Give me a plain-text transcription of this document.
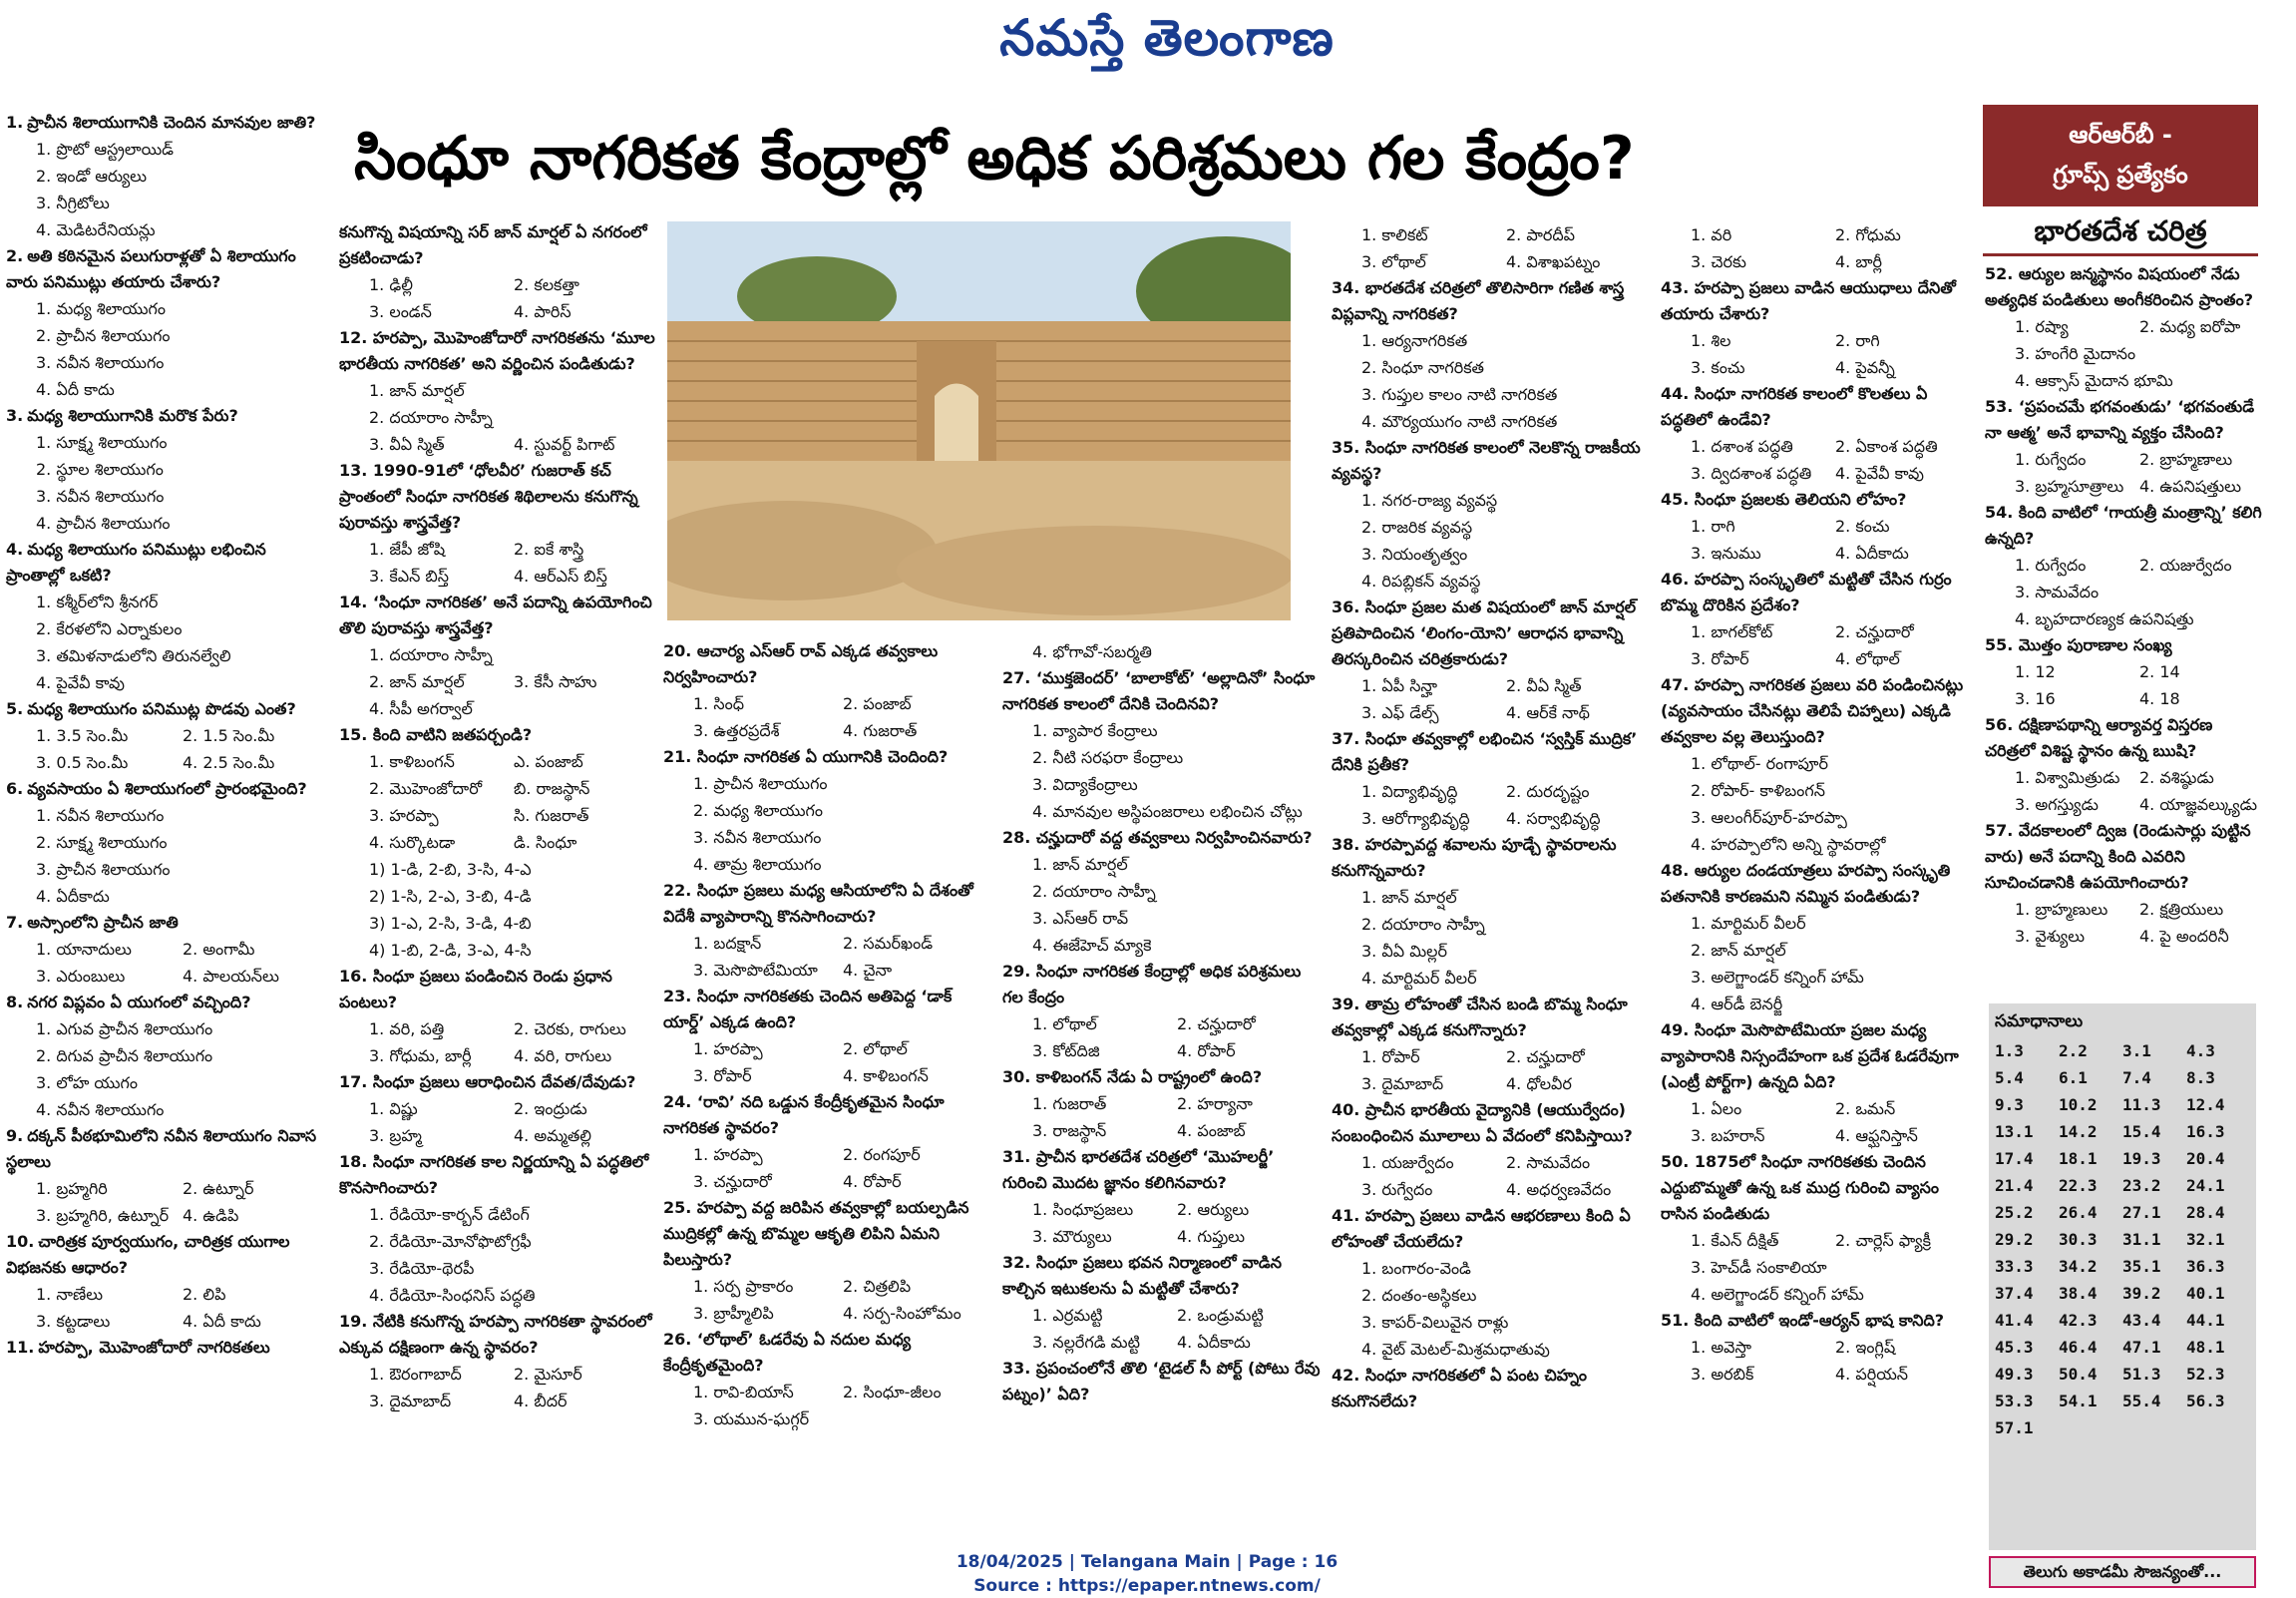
నమస్తే తెలంగాణ
సింధూ నాగరికత కేంద్రాల్లో అధిక పరిశ్రమలు గల కేంద్రం?
1. ప్రాచీన శిలాయుగానికి చెందిన మానవుల జాతి?
1. ప్రొటో ఆస్ట్రలాయిడ్
2. ఇండో ఆర్యులు
3. నీగ్రిటోలు
4. మెడిటరేనియన్లు
2. అతి కఠినమైన పలుగురాళ్లతో ఏ శిలాయుగం వారు పనిముట్లు తయారు చేశారు?
1. మధ్య శిలాయుగం
2. ప్రాచీన శిలాయుగం
3. నవీన శిలాయుగం
4. ఏదీ కాదు
3. మధ్య శిలాయుగానికి మరొక పేరు?
1. సూక్ష్మ శిలాయుగం
2. స్థూల శిలాయుగం
3. నవీన శిలాయుగం
4. ప్రాచీన శిలాయుగం
4. మధ్య శిలాయుగం పనిముట్లు లభించిన ప్రాంతాల్లో ఒకటి?
1. కశ్మీర్‌లోని శ్రీనగర్
2. కేరళలోని ఎర్నాకులం
3. తమిళనాడులోని తిరునల్వేలి
4. పైవేవీ కావు
5. మధ్య శిలాయుగం పనిముట్ల పొడవు ఎంత?
1. 3.5 సెం.మీ	2. 1.5 సెం.మీ
3. 0.5 సెం.మీ	4. 2.5 సెం.మీ
6. వ్యవసాయం ఏ శిలాయుగంలో ప్రారంభమైంది?
1. నవీన శిలాయుగం
2. సూక్ష్మ శిలాయుగం
3. ప్రాచీన శిలాయుగం
4. ఏదీకాదు
7. అస్సాంలోని ప్రాచీన జాతి
1. యానాదులు	2. అంగామీ
3. ఎరుంబులు	4. పాలయన్‌లు
8. నగర విప్లవం ఏ యుగంలో వచ్చింది?
1. ఎగువ ప్రాచీన శిలాయుగం
2. దిగువ ప్రాచీన శిలాయుగం
3. లోహ యుగం
4. నవీన శిలాయుగం
9. దక్కన్ పీఠభూమిలోని నవీన శిలాయుగం నివాస స్థలాలు
1. బ్రహ్మగిరి	2. ఉట్నూర్
3. బ్రహ్మగిరి, ఉట్నూర్ 4. ఉడిపి
10. చారిత్రక పూర్వయుగం, చారిత్రక యుగాల విభజనకు ఆధారం?
1. నాణేలు	2. లిపి
3. కట్టడాలు	4. ఏదీ కాదు
11. హరప్పా, మొహెంజోదారో నాగరికతలు
కనుగొన్న విషయాన్ని సర్ జాన్ మార్షల్ ఏ నగరంలో ప్రకటించాడు?
1. ఢిల్లీ	2. కలకత్తా
3. లండన్	4. పారిస్
12. హరప్పా, మొహెంజోదారో నాగరికతను ‘మూల భారతీయ నాగరికత’ అని వర్ణించిన పండితుడు?
1. జాన్ మార్షల్
2. దయారాం సాహ్నీ
3. వీఏ స్మిత్	4. స్టువర్ట్ పిగాట్
13. 1990-91లో ‘ధోలవీర’ గుజరాత్ కచ్ ప్రాంతంలో సింధూ నాగరికత శిథిలాలను కనుగొన్న పురావస్తు శాస్త్రవేత్త?
1. జేపీ జోషి	2. ఐకే శాస్త్రి
3. కేఎన్ బిస్త్	4. ఆర్ఎస్ బిస్త్
14. ‘సింధూ నాగరికత’ అనే పదాన్ని ఉపయోగించి తొలి పురావస్తు శాస్త్రవేత్త?
1. దయారాం సాహ్నీ
2. జాన్ మార్షల్	3. కేసీ సాహు
4. సీపీ అగర్వాల్
15. కింది వాటిని జతపర్చండి?
1. కాళిబంగన్	ఎ. పంజాబ్
2. మొహెంజోదారో	బి. రాజస్థాన్
3. హరప్పా	సి. గుజరాత్
4. సుర్కొటడా	డి. సింధూ
1) 1-డి, 2-బి, 3-సి, 4-ఎ
2) 1-సి, 2-ఎ, 3-బి, 4-డి
3) 1-ఎ, 2-సి, 3-డి, 4-బి
4) 1-బి, 2-డి, 3-ఎ, 4-సి
16. సింధూ ప్రజలు పండించిన రెండు ప్రధాన పంటలు?
1. వరి, పత్తి	2. చెరకు, రాగులు
3. గోధుమ, బార్లీ	4. వరి, రాగులు
17. సింధూ ప్రజలు ఆరాధించిన దేవత/దేవుడు?
1. విష్ణు	2. ఇంద్రుడు
3. బ్రహ్మ	4. అమ్మతల్లి
18. సింధూ నాగరికత కాల నిర్ణయాన్ని ఏ పద్ధతిలో కొనసాగించారు?
1. రేడియో-కార్బన్ డేటింగ్
2. రేడియో-మోనోఫొటోగ్రఫీ
3. రేడియో-థెరపీ
4. రేడియో-సింధనిస్ పద్ధతి
19. నేటికి కనుగొన్న హరప్పా నాగరికతా స్థావరంలో ఎక్కువ దక్షిణంగా ఉన్న స్థావరం?
1. ఔరంగాబాద్	2. మైసూర్
3. దైమాబాద్	4. బీదర్
20. ఆచార్య ఎస్ఆర్ రావ్ ఎక్కడ తవ్వకాలు నిర్వహించారు?
1. సింధ్	2. పంజాబ్
3. ఉత్తరప్రదేశ్	4. గుజరాత్
21. సింధూ నాగరికత ఏ యుగానికి చెందింది?
1. ప్రాచీన శిలాయుగం
2. మధ్య శిలాయుగం
3. నవీన శిలాయుగం
4. తామ్ర శిలాయుగం
22. సింధూ ప్రజలు మధ్య ఆసియాలోని ఏ దేశంతో విదేశీ వ్యాపారాన్ని కొనసాగించారు?
1. బదక్షాన్	2. సమర్‌ఖండ్
3. మెసొపొటేమియా	4. చైనా
23. సింధూ నాగరికతకు చెందిన అతిపెద్ద ‘డాక్ యార్డ్’ ఎక్కడ ఉంది?
1. హరప్పా	2. లోథాల్
3. రోపార్	4. కాళిబంగన్
24. ‘రావి’ నది ఒడ్డున కేంద్రీకృతమైన సింధూ నాగరికత స్థావరం?
1. హరప్పా	2. రంగపూర్
3. చన్హుదారో	4. రోపార్
25. హరప్పా వద్ద జరిపిన తవ్వకాల్లో బయల్పడిన ముద్రికల్లో ఉన్న బొమ్మల ఆకృతి లిపిని ఏమని పిలుస్తారు?
1. సర్ప ప్రాకారం	2. చిత్రలిపి
3. బ్రాహ్మీలిపి	4. సర్ప-సింహోమం
26. ‘లోథాల్’ ఓడరేవు ఏ నదుల మధ్య కేంద్రీకృతమైంది?
1. రావి-బియాస్	2. సింధూ-జీలం
3. యమున-ఘగ్గర్
4. భోగావో-సబర్మతి
27. ‘ముక్తజెందర్’ ‘బాలాకోట్’ ‘అల్లాదినో’ సింధూ నాగరికత కాలంలో దేనికి చెందినవి?
1. వ్యాపార కేంద్రాలు
2. నీటి సరఫరా కేంద్రాలు
3. విద్యాకేంద్రాలు
4. మానవుల అస్థిపంజరాలు లభించిన చోట్లు
28. చన్హుదారో వద్ద తవ్వకాలు నిర్వహించినవారు?
1. జాన్ మార్షల్
2. దయారాం సాహ్నీ
3. ఎస్ఆర్ రావ్
4. ఈజేహెచ్ మ్యాకె
29. సింధూ నాగరికత కేంద్రాల్లో అధిక పరిశ్రమలు గల కేంద్రం
1. లోథాల్	2. చన్హుదారో
3. కోట్‌దిజి	4. రోపార్
30. కాళిబంగన్ నేడు ఏ రాష్ట్రంలో ఉంది?
1. గుజరాత్	2. హర్యానా
3. రాజస్థాన్	4. పంజాబ్
31. ప్రాచీన భారతదేశ చరిత్రలో ‘మొహలర్జీ’ గురించి మొదట జ్ఞానం కలిగినవారు?
1. సింధూప్రజలు	2. ఆర్యులు
3. మౌర్యులు	4. గుప్తులు
32. సింధూ ప్రజలు భవన నిర్మాణంలో వాడిన కాల్చిన ఇటుకలను ఏ మట్టితో చేశారు?
1. ఎర్రమట్టి	2. ఒండ్రుమట్టి
3. నల్లరేగడి మట్టి	4. ఏదీకాదు
33. ప్రపంచంలోనే తొలి ‘టైడల్ సీ పోర్ట్ (పోటు రేవు పట్నం)’ ఏది?
1. కాలికట్	2. పారదీప్
3. లోథాల్	4. విశాఖపట్నం
34. భారతదేశ చరిత్రలో తొలిసారిగా గణిత శాస్త్ర విప్లవాన్ని నాగరికత?
1. ఆర్యనాగరికత
2. సింధూ నాగరికత
3. గుప్తుల కాలం నాటి నాగరికత
4. మౌర్యయుగం నాటి నాగరికత
35. సింధూ నాగరికత కాలంలో నెలకొన్న రాజకీయ వ్యవస్థ?
1. నగర-రాజ్య వ్యవస్థ
2. రాజరిక వ్యవస్థ
3. నియంతృత్వం
4. రిపబ్లికన్ వ్యవస్థ
36. సింధూ ప్రజల మత విషయంలో జాన్ మార్షల్ ప్రతిపాదించిన ‘లింగం-యోని’ ఆరాధన భావాన్ని తిరస్కరించిన చరిత్రకారుడు?
1. ఏపీ సిన్హా	2. వీఏ స్మిత్
3. ఎఫ్ డేల్స్	4. ఆర్‌కే నాథ్
37. సింధూ తవ్వకాల్లో లభించిన ‘స్వస్తిక్ ముద్రిక’ దేనికి ప్రతీక?
1. విద్యాభివృద్ధి	2. దురదృష్టం
3. ఆరోగ్యాభివృద్ధి	4. సర్వాభివృద్ధి
38. హరప్పావద్ద శవాలను పూడ్చే స్థావరాలను కనుగొన్నవారు?
1. జాన్ మార్షల్
2. దయారాం సాహ్నీ
3. వీఏ మిల్లర్
4. మార్టిమర్ వీలర్
39. తామ్ర లోహంతో చేసిన బండి బొమ్మ సింధూ తవ్వకాల్లో ఎక్కడ కనుగొన్నారు?
1. రోపార్	2. చన్హుదారో
3. దైమాబాద్	4. ధోలవీర
40. ప్రాచీన భారతీయ వైద్యానికి (ఆయుర్వేదం) సంబంధించిన మూలాలు ఏ వేదంలో కనిపిస్తాయి?
1. యజుర్వేదం	2. సామవేదం
3. రుగ్వేదం	4. అధర్వణవేదం
41. హరప్పా ప్రజలు వాడిన ఆభరణాలు కింది ఏ లోహంతో చేయలేదు?
1. బంగారం-వెండి
2. దంతం-అస్థికలు
3. కాపర్-విలువైన రాళ్లు
4. వైట్ మెటల్-మిశ్రమధాతువు
42. సింధూ నాగరికతలో ఏ పంట చిహ్నం కనుగొనలేదు?
1. వరి	2. గోధుమ
3. చెరకు	4. బార్లీ
43. హరప్పా ప్రజలు వాడిన ఆయుధాలు దేనితో తయారు చేశారు?
1. శిల	2. రాగి
3. కంచు	4. పైవన్నీ
44. సింధూ నాగరికత కాలంలో కొలతలు ఏ పద్ధతిలో ఉండేవి?
1. దశాంశ పద్ధతి	2. ఏకాంశ పద్ధతి
3. ద్విదశాంశ పద్ధతి	4. పైవేవీ కావు
45. సింధూ ప్రజలకు తెలియని లోహం?
1. రాగి	2. కంచు
3. ఇనుము	4. ఏదీకాదు
46. హరప్పా సంస్కృతిలో మట్టితో చేసిన గుర్రం బొమ్మ దొరికిన ప్రదేశం?
1. బాగల్‌కోట్	2. చన్హుదారో
3. రోపార్	4. లోథాల్
47. హరప్పా నాగరికత ప్రజలు వరి పండించినట్లు (వ్యవసాయం చేసినట్లు తెలిపే చిహ్నాలు) ఎక్కడి తవ్వకాల వల్ల తెలుస్తుంది?
1. లోథాల్- రంగాపూర్
2. రోపార్- కాళిబంగన్
3. ఆలంగీర్‌పూర్-హరప్పా
4. హరప్పాలోని అన్ని స్థావరాల్లో
48. ఆర్యుల దండయాత్రలు హరప్పా సంస్కృతి పతనానికి కారణమని నమ్మిన పండితుడు?
1. మార్టిమర్ వీలర్
2. జాన్ మార్షల్
3. అలెగ్జాండర్ కన్నింగ్ హామ్
4. ఆర్‌డీ బెనర్జీ
49. సింధూ మెసొపొటేమియా ప్రజల మధ్య వ్యాపారానికి నిస్సందేహంగా ఒక ప్రదేశ ఓడరేవుగా (ఎంట్రీ పోర్ట్‌గా) ఉన్నది ఏది?
1. ఏలం	2. ఒమన్
3. బహరాన్	4. ఆఫ్ఘనిస్తాన్
50. 1875లో సింధూ నాగరికతకు చెందిన ఎద్దుబొమ్మతో ఉన్న ఒక ముద్ర గురించి వ్యాసం రాసిన పండితుడు
1. కేఎన్ దీక్షిత్	2. చార్లెస్ ఫ్యాక్రీ
3. హెచ్‌డీ సంకాలియా
4. అలెగ్జాండర్ కన్నింగ్ హామ్
51. కింది వాటిలో ఇండో-ఆర్యన్ భాష కానిది?
1. అవెస్తా	2. ఇంగ్లిష్
3. అరబిక్	4. పర్షియన్
ఆర్ఆర్‌బీ -
గ్రూప్స్ ప్రత్యేకం
భారతదేశ చరిత్ర
52. ఆర్యుల జన్మస్థానం విషయంలో నేడు అత్యధిక పండితులు అంగీకరించిన ప్రాంతం?
1. రష్యా	2. మధ్య ఐరోపా
3. హంగేరి మైదానం
4. ఆక్సాస్ మైదాన భూమి
53. ‘ప్రపంచమే భగవంతుడు’ ‘భగవంతుడే నా ఆత్మ’ అనే భావాన్ని వ్యక్తం చేసింది?
1. రుగ్వేదం	2. బ్రాహ్మణాలు
3. బ్రహ్మసూత్రాలు 4. ఉపనిషత్తులు
54. కింది వాటిలో ‘గాయత్రీ మంత్రాన్ని’ కలిగి ఉన్నది?
1. రుగ్వేదం	2. యజుర్వేదం
3. సామవేదం
4. బృహదారణ్యక ఉపనిషత్తు
55. మొత్తం పురాణాల సంఖ్య
1. 12	2. 14
3. 16	4. 18
56. దక్షిణాపథాన్ని ఆర్యావర్త విస్తరణ చరిత్రలో విశిష్ట స్థానం ఉన్న ఋషి?
1. విశ్వామిత్రుడు	2. వశిష్ఠుడు
3. అగస్త్యుడు	4. యాజ్ఞవల్క్యుడు
57. వేదకాలంలో ద్విజ (రెండుసార్లు పుట్టిన వారు) అనే పదాన్ని కింది ఎవరిని సూచించడానికి ఉపయోగించారు?
1. బ్రాహ్మణులు	2. క్షత్రియులు
3. వైశ్యులు	4. పై అందరినీ
సమాధానాలు
1.3	2.2	3.1	4.3
5.4	6.1	7.4	8.3
9.3	10.2	11.3	12.4
13.1	14.2	15.4	16.3
17.4	18.1	19.3	20.4
21.4	22.3	23.2	24.1
25.2	26.4	27.1	28.4
29.2	30.3	31.1	32.1
33.3	34.2	35.1	36.3
37.4	38.4	39.2	40.1
41.4	42.3	43.4	44.1
45.3	46.4	47.1	48.1
49.3	50.4	51.3	52.3
53.3	54.1	55.4	56.3
57.1
తెలుగు అకాడమీ సౌజన్యంతో...
18/04/2025 | Telangana Main | Page : 16
Source : https://epaper.ntnews.com/
